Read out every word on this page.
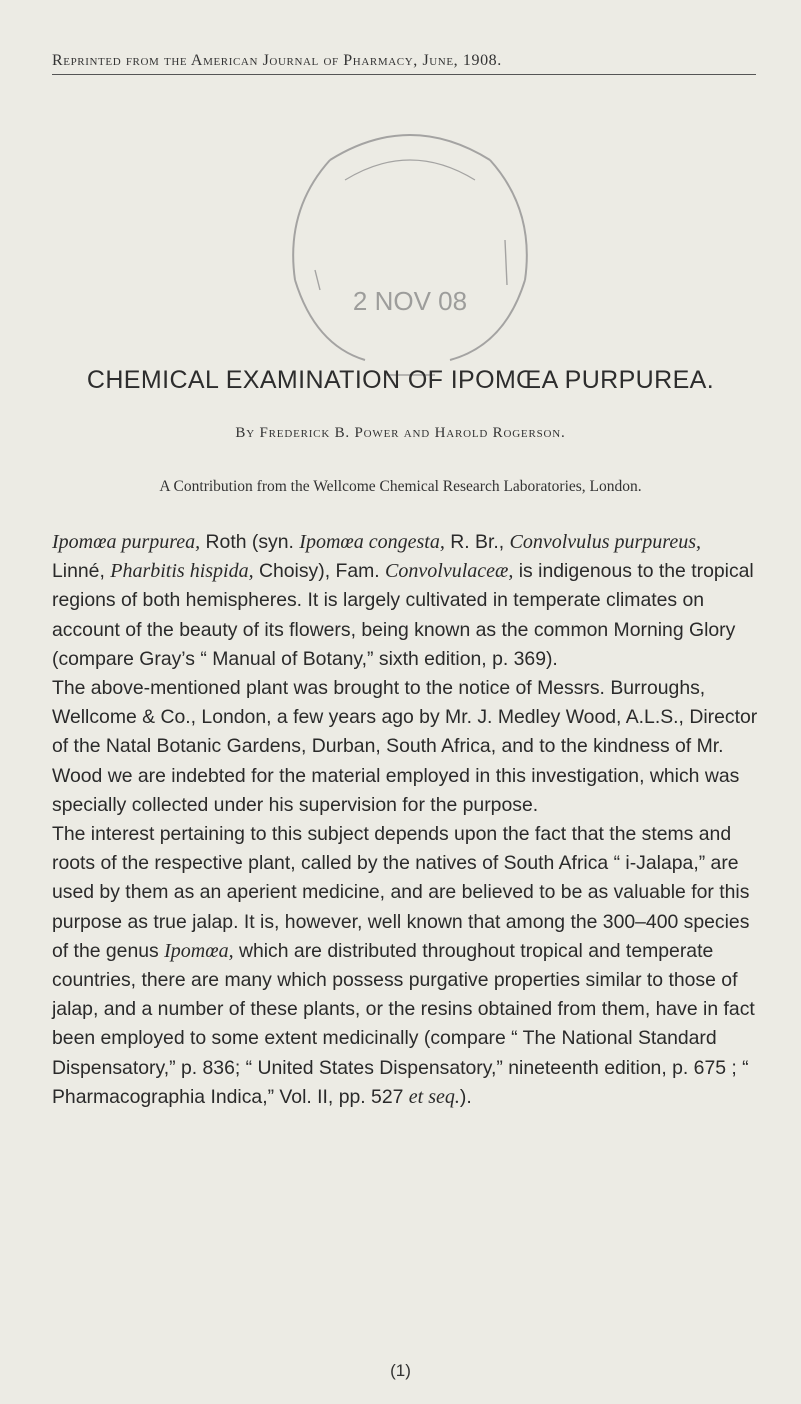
Reprinted from the American Journal of Pharmacy, June, 1908.
2 NOV 08
CHEMICAL EXAMINATION OF IPOMŒA PURPUREA.
By Frederick B. Power and Harold Rogerson.
A Contribution from the Wellcome Chemical Research Laboratories, London.

Ipomœa purpurea, Roth (syn. Ipomœa congesta, R. Br., Convolvulus purpureus, Linné, Pharbitis hispida, Choisy), Fam. Convolvulaceæ, is indigenous to the tropical regions of both hemispheres. It is largely cultivated in temperate climates on account of the beauty of its flowers, being known as the common Morning Glory (compare Gray’s “ Manual of Botany,” sixth edition, p. 369).

The above-mentioned plant was brought to the notice of Messrs. Burroughs, Wellcome & Co., London, a few years ago by Mr. J. Medley Wood, A.L.S., Director of the Natal Botanic Gardens, Durban, South Africa, and to the kindness of Mr. Wood we are indebted for the material employed in this investigation, which was specially collected under his supervision for the purpose.

The interest pertaining to this subject depends upon the fact that the stems and roots of the respective plant, called by the natives of South Africa “ i-Jalapa,” are used by them as an aperient medicine, and are believed to be as valuable for this purpose as true jalap. It is, however, well known that among the 300–400 species of the genus Ipomœa, which are distributed throughout tropical and temperate countries, there are many which possess purgative properties similar to those of jalap, and a number of these plants, or the resins obtained from them, have in fact been employed to some extent medicinally (compare “ The National Standard Dispensatory,” p. 836; “ United States Dispensatory,” nineteenth edition, p. 675 ; “ Pharmacographia Indica,” Vol. II, pp. 527 et seq.).

(1)
